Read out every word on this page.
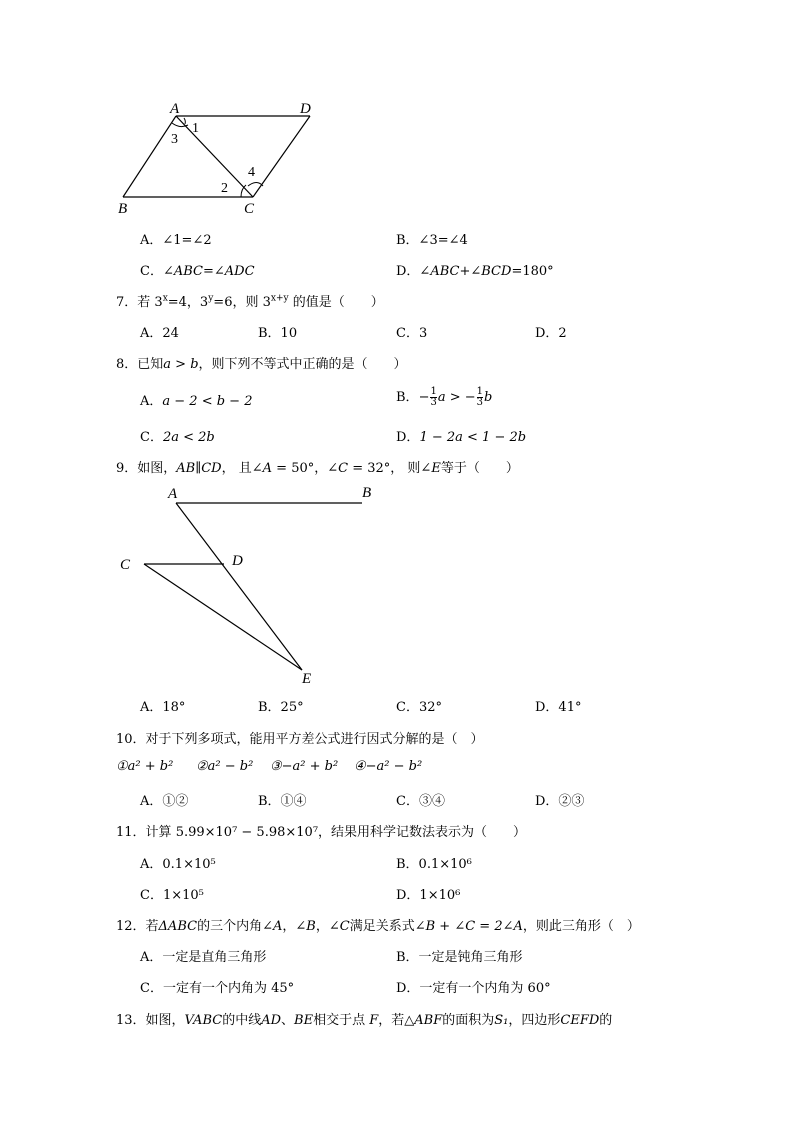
A	D
B	C
1
3
2
4
A．∠1=∠2	B．∠3=∠4
C．∠ABC=∠ADC	D．∠ABC+∠BCD=180°
7．若 $3^x=4$，$3^y=6$，则 $3^{x+y}$ 的值是（　　）
A．24	B．10	C．3	D．2
8．已知a > b，则下列不等式中正确的是（　　）
A．a − 2 < b − 2	B．− $\frac{1}{3}$ a > − $\frac{1}{3}$ b
C．2a < 2b	D．1 − 2a < 1 − 2b
9．如图，AB∥CD， 且∠A = 50°，∠C = 32°， 则∠E等于（　　）
A	B
C	D
E
A．18°	B．25°	C．32°	D．41°
10．对于下列多项式，能用平方差公式进行因式分解的是（　）
①a² + b² ②a² − b² ③−a² + b² ④−a² − b²
A．①②	B．①④	C．③④	D．②③
11．计算 5.99×10⁷ − 5.98×10⁷，结果用科学记数法表示为（　　）
A．0.1×10⁵	B．0.1×10⁶
C．1×10⁵	D．1×10⁶
12．若ΔABC的三个内角∠A，∠B，∠C满足关系式∠B + ∠C = 2∠A，则此三角形（　）
A．一定是直角三角形	B．一定是钝角三角形
C．一定有一个内角为 45°	D．一定有一个内角为 60°
13．如图，VABC的中线AD、BE相交于点 F，若△ABF的面积为S₁，四边形CEFD的
